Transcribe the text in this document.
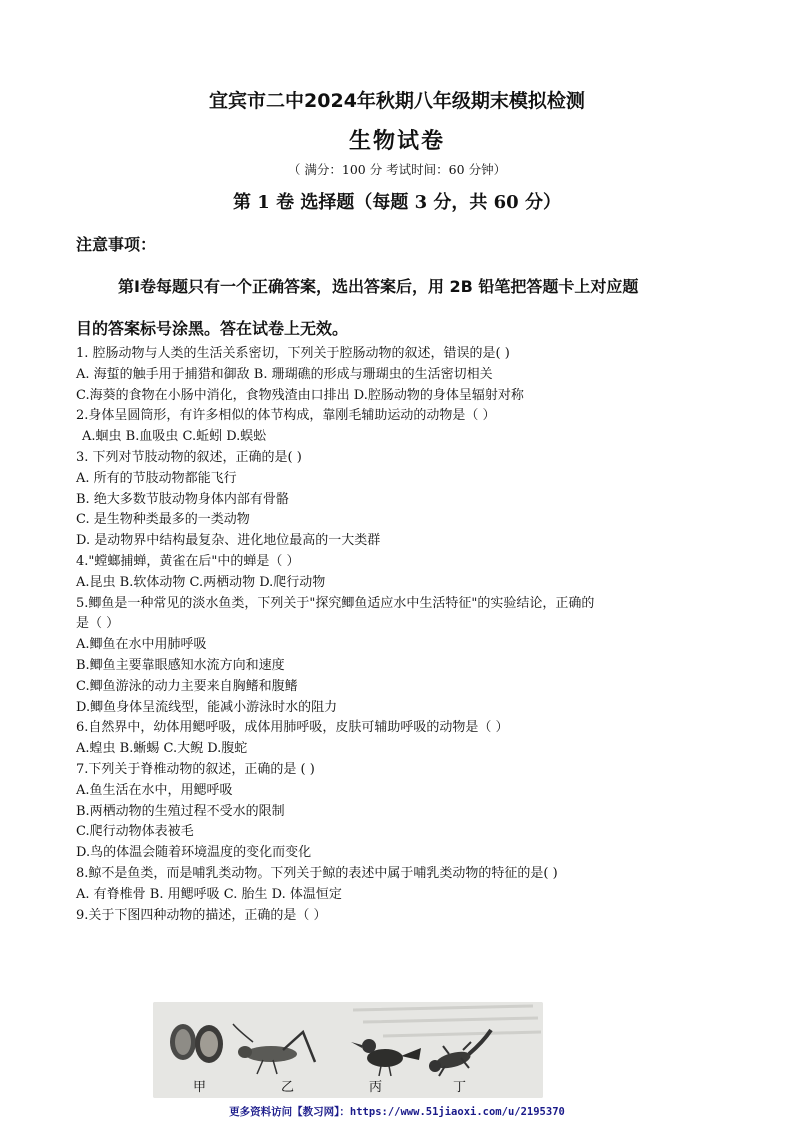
宜宾市二中2024年秋期八年级期末模拟检测
生物试卷
（ 满分：100 分 考试时间：60 分钟）
第 1 卷 选择题（每题 3 分，共 60 分）
注意事项：
第Ⅰ卷每题只有一个正确答案，选出答案后，用 2B 铅笔把答题卡上对应题
目的答案标号涂黑。答在试卷上无效。
1. 腔肠动物与人类的生活关系密切，下列关于腔肠动物的叙述，错误的是( )
A. 海蜇的触手用于捕猎和御敌 B. 珊瑚礁的形成与珊瑚虫的生活密切相关
C.海葵的食物在小肠中消化，食物残渣由口排出 D.腔肠动物的身体呈辐射对称
2.身体呈圆筒形，有许多相似的体节构成，靠刚毛辅助运动的动物是（ ）
A.蛔虫 B.血吸虫 C.蚯蚓 D.蜈蚣
3. 下列对节肢动物的叙述，正确的是( )
A. 所有的节肢动物都能飞行
B. 绝大多数节肢动物身体内部有骨骼
C. 是生物种类最多的一类动物
D. 是动物界中结构最复杂、进化地位最高的一大类群
4."螳螂捕蝉，黄雀在后"中的蝉是（ ）
A.昆虫 B.软体动物 C.两栖动物 D.爬行动物
5.鲫鱼是一种常见的淡水鱼类，下列关于"探究鲫鱼适应水中生活特征"的实验结论，正确的
是（ ）
A.鲫鱼在水中用肺呼吸
B.鲫鱼主要靠眼感知水流方向和速度
C.鲫鱼游泳的动力主要来自胸鳍和腹鳍
D.鲫鱼身体呈流线型，能减小游泳时水的阻力
6.自然界中，幼体用鳃呼吸，成体用肺呼吸，皮肤可辅助呼吸的动物是（ ）
A.蝗虫 B.蜥蜴 C.大鲵 D.腹蛇
7.下列关于脊椎动物的叙述，正确的是 ( )
A.鱼生活在水中，用鳃呼吸
B.两栖动物的生殖过程不受水的限制
C.爬行动物体表被毛
D.鸟的体温会随着环境温度的变化而变化
8.鲸不是鱼类，而是哺乳类动物。下列关于鲸的表述中属于哺乳类动物的特征的是( )
A. 有脊椎骨 B. 用鳃呼吸 C. 胎生 D. 体温恒定
9.关于下图四种动物的描述，正确的是（ ）
甲	乙	丙	丁
更多资料访问【教习网】：https://www.51jiaoxi.com/u/2195370
